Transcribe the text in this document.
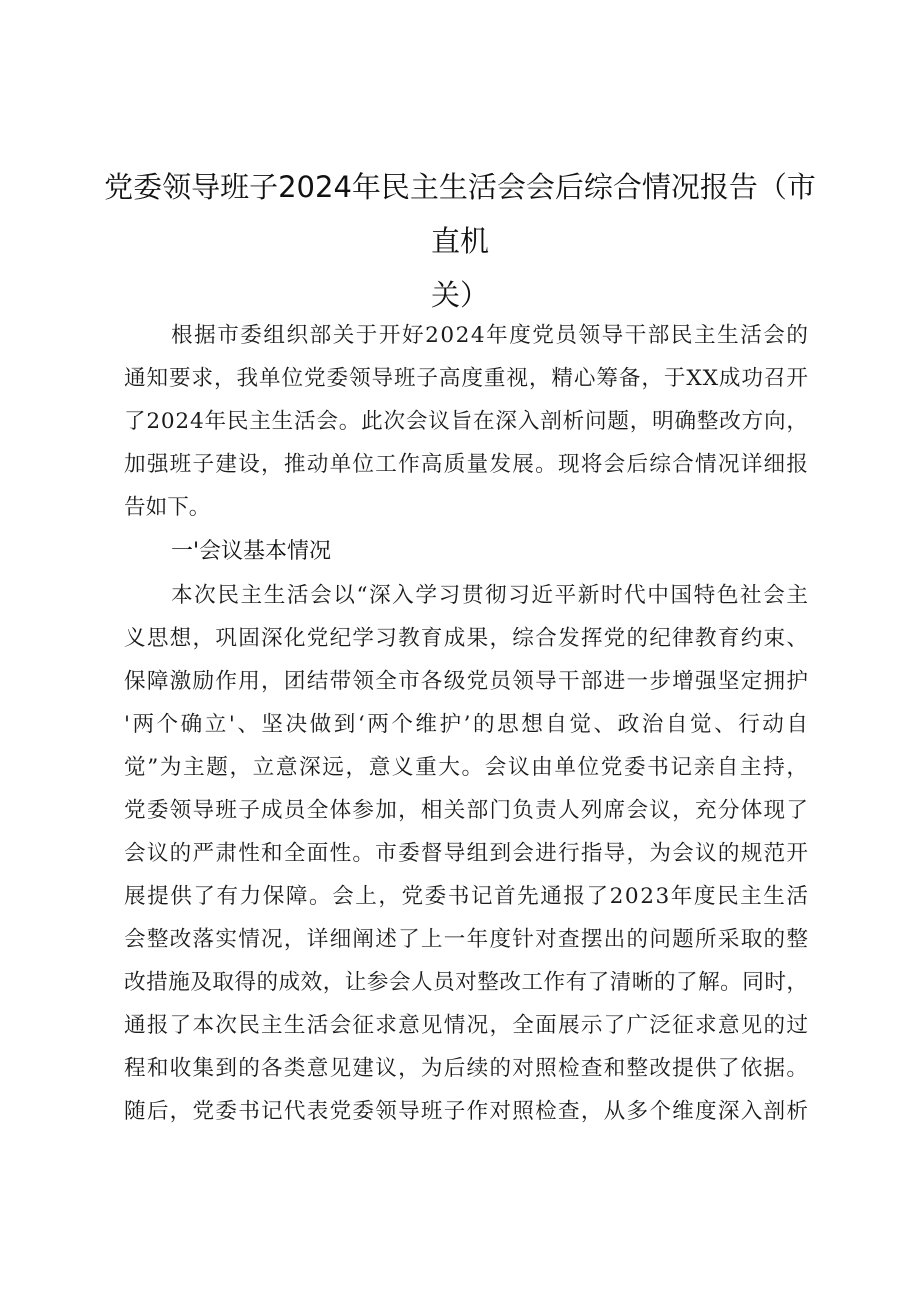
党委领导班子2024年民主生活会会后综合情况报告（市直机
关）
根据市委组织部关于开好2024年度党员领导干部民主生活会的
通知要求，我单位党委领导班子高度重视，精心筹备，于XX成功召开
了2024年民主生活会。此次会议旨在深入剖析问题，明确整改方向，
加强班子建设，推动单位工作高质量发展。现将会后综合情况详细报
告如下。
一'会议基本情况
本次民主生活会以“深入学习贯彻习近平新时代中国特色社会主
义思想，巩固深化党纪学习教育成果，综合发挥党的纪律教育约束、
保障激励作用，团结带领全市各级党员领导干部进一步增强坚定拥护
'两个确立'、坚决做到‘两个维护’的思想自觉、政治自觉、行动自
觉”为主题，立意深远，意义重大。会议由单位党委书记亲自主持，
党委领导班子成员全体参加，相关部门负责人列席会议，充分体现了
会议的严肃性和全面性。市委督导组到会进行指导，为会议的规范开
展提供了有力保障。会上，党委书记首先通报了2023年度民主生活
会整改落实情况，详细阐述了上一年度针对查摆出的问题所采取的整
改措施及取得的成效，让参会人员对整改工作有了清晰的了解。同时，
通报了本次民主生活会征求意见情况，全面展示了广泛征求意见的过
程和收集到的各类意见建议，为后续的对照检查和整改提供了依据。
随后，党委书记代表党委领导班子作对照检查，从多个维度深入剖析
